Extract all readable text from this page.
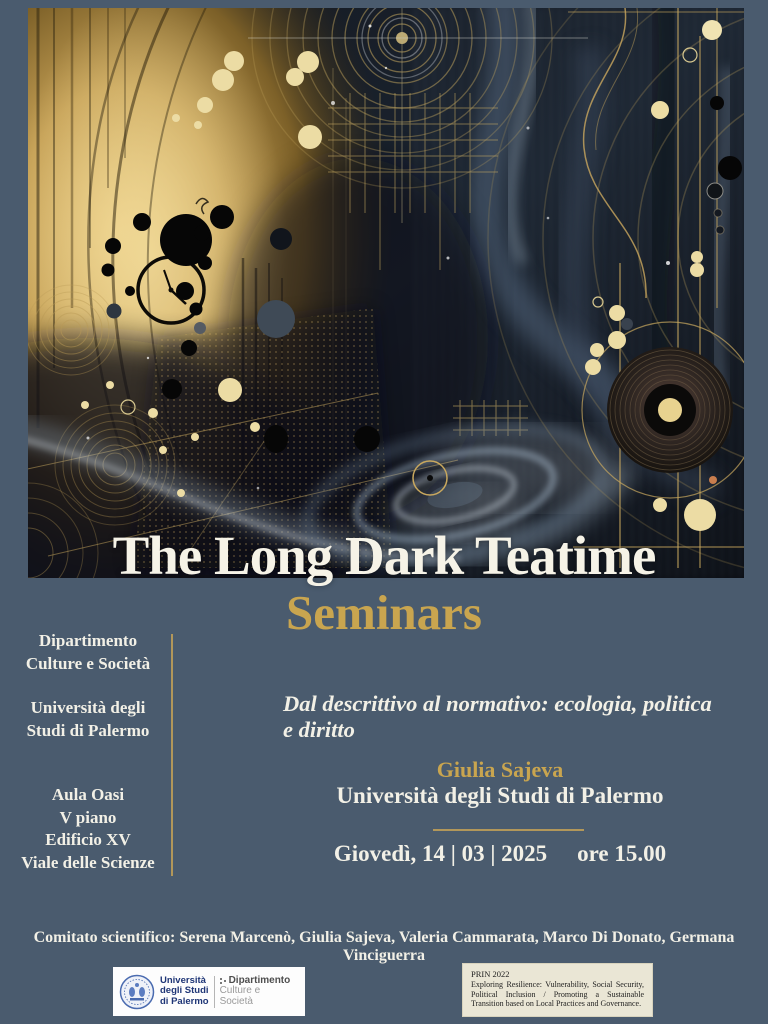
The Long Dark Teatime
Seminars
Dipartimento
Culture e Società
Università degli
Studi di Palermo
Aula Oasi
V piano
Edificio XV
Viale delle Scienze
Dal descrittivo al normativo: ecologia, politica
e diritto
Giulia Sajeva
Università degli Studi di Palermo
Giovedì, 14 | 03 | 2025 ore 15.00
Comitato scientifico: Serena Marcenò, Giulia Sajeva, Valeria Cammarata, Marco Di Donato, Germana Vinciguerra
Università
degli Studi
di Palermo
Dipartimento
Culture e
Società
PRIN 2022
Exploring Resilience: Vulnerability, Social Security, Political Inclusion / Promoting a Sustainable Transition based on Local Practices and Governance.
